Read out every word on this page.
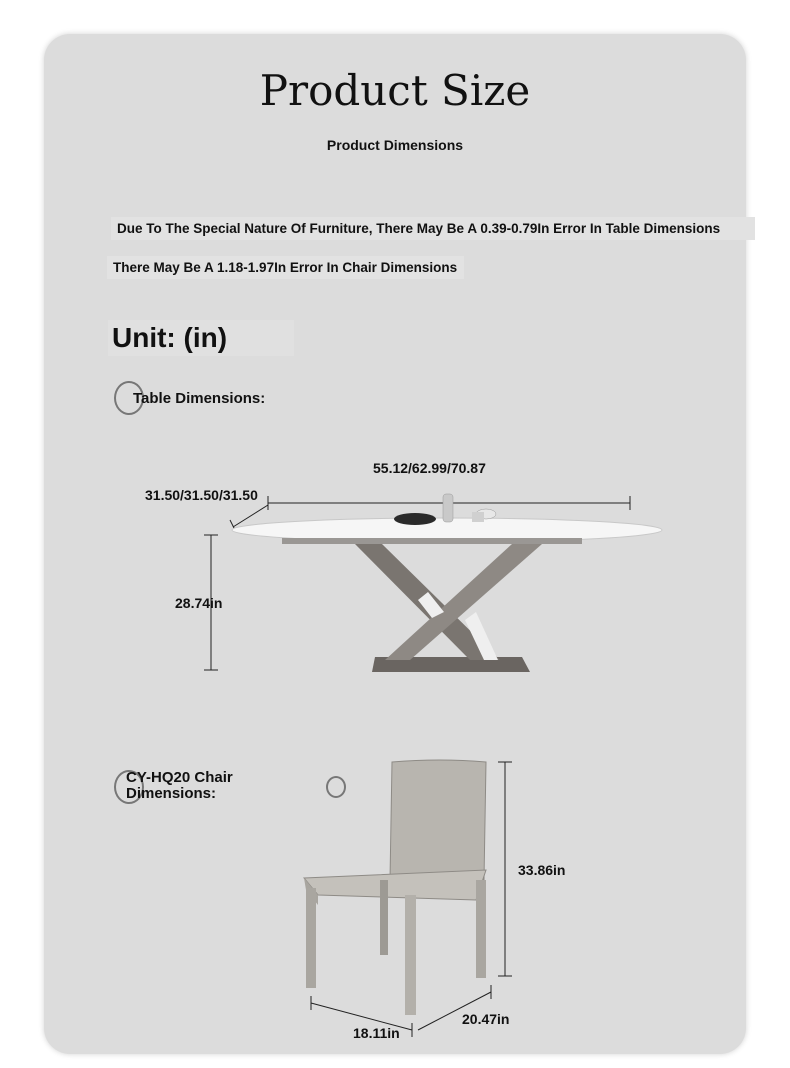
Product Size
Product Dimensions
Due To The Special Nature Of Furniture, There May Be A 0.39-0.79In Error In Table Dimensions
There May Be A 1.18-1.97In Error In Chair Dimensions
Unit: (in)
Table Dimensions:
55.12/62.99/70.87
31.50/31.50/31.50
28.74in
CY-HQ20 Chair Dimensions:
33.86in
18.11in
20.47in
